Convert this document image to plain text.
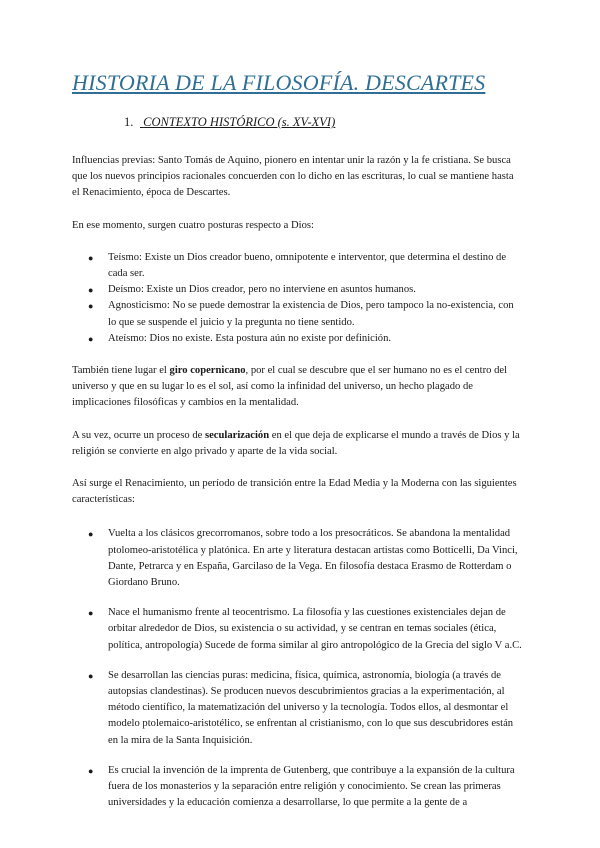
HISTORIA DE LA FILOSOFÍA. DESCARTES
1. CONTEXTO HISTÓRICO (s. XV-XVI)

Influencias previas: Santo Tomás de Aquino, pionero en intentar unir la razón y la fe cristiana. Se busca que los nuevos principios racionales concuerden con lo dicho en las escrituras, lo cual se mantiene hasta el Renacimiento, época de Descartes.

En ese momento, surgen cuatro posturas respecto a Dios:

● Teísmo: Existe un Dios creador bueno, omnipotente e interventor, que determina el destino de cada ser.
● Deísmo: Existe un Dios creador, pero no interviene en asuntos humanos.
● Agnosticismo: No se puede demostrar la existencia de Dios, pero tampoco la no-existencia, con lo que se suspende el juicio y la pregunta no tiene sentido.
● Ateísmo: Dios no existe. Esta postura aún no existe por definición.

También tiene lugar el giro copernicano, por el cual se descubre que el ser humano no es el centro del universo y que en su lugar lo es el sol, así como la infinidad del universo, un hecho plagado de implicaciones filosóficas y cambios en la mentalidad.

A su vez, ocurre un proceso de secularización en el que deja de explicarse el mundo a través de Dios y la religión se convierte en algo privado y aparte de la vida social.

Así surge el Renacimiento, un período de transición entre la Edad Media y la Moderna con las siguientes características:

● Vuelta a los clásicos grecorromanos, sobre todo a los presocráticos. Se abandona la mentalidad ptolomeo-aristotélica y platónica. En arte y literatura destacan artistas como Botticelli, Da Vinci, Dante, Petrarca y en España, Garcilaso de la Vega. En filosofía destaca Erasmo de Rotterdam o Giordano Bruno.
● Nace el humanismo frente al teocentrismo. La filosofía y las cuestiones existenciales dejan de orbitar alrededor de Dios, su existencia o su actividad, y se centran en temas sociales (ética, política, antropología) Sucede de forma similar al giro antropológico de la Grecia del siglo V a.C.
● Se desarrollan las ciencias puras: medicina, física, química, astronomía, biología (a través de autopsias clandestinas). Se producen nuevos descubrimientos gracias a la experimentación, al método científico, la matematización del universo y la tecnología. Todos ellos, al desmontar el modelo ptolemaico-aristotélico, se enfrentan al cristianismo, con lo que sus descubridores están en la mira de la Santa Inquisición.
● Es crucial la invención de la imprenta de Gutenberg, que contribuye a la expansión de la cultura fuera de los monasterios y la separación entre religión y conocimiento. Se crean las primeras universidades y la educación comienza a desarrollarse, lo que permite a la gente de a
